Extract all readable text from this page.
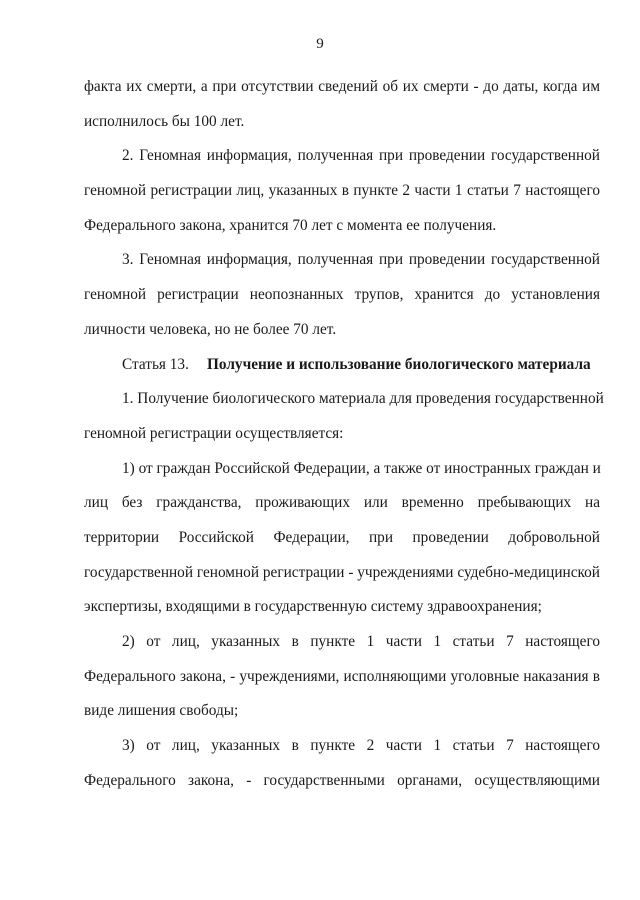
9
факта их смерти, а при отсутствии сведений об их смерти - до даты, когда им
исполнилось бы 100 лет.
2. Геномная информация, полученная при проведении государственной
геномной регистрации лиц, указанных в пункте 2 части 1 статьи 7 настоящего
Федерального закона, хранится 70 лет с момента ее получения.
3. Геномная информация, полученная при проведении государственной
геномной регистрации неопознанных трупов, хранится до установления
личности человека, но не более 70 лет.
Статья 13.	Получение и использование биологического материала
1. Получение биологического материала для проведения государственной
геномной регистрации осуществляется:
1) от граждан Российской Федерации, а также от иностранных граждан и
лиц без гражданства, проживающих или временно пребывающих на
территории Российской Федерации, при проведении добровольной
государственной геномной регистрации - учреждениями судебно-медицинской
экспертизы, входящими в государственную систему здравоохранения;
2) от лиц, указанных в пункте 1 части 1 статьи 7 настоящего
Федерального закона, - учреждениями, исполняющими уголовные наказания в
виде лишения свободы;
3) от лиц, указанных в пункте 2 части 1 статьи 7 настоящего
Федерального закона, - государственными органами, осуществляющими
